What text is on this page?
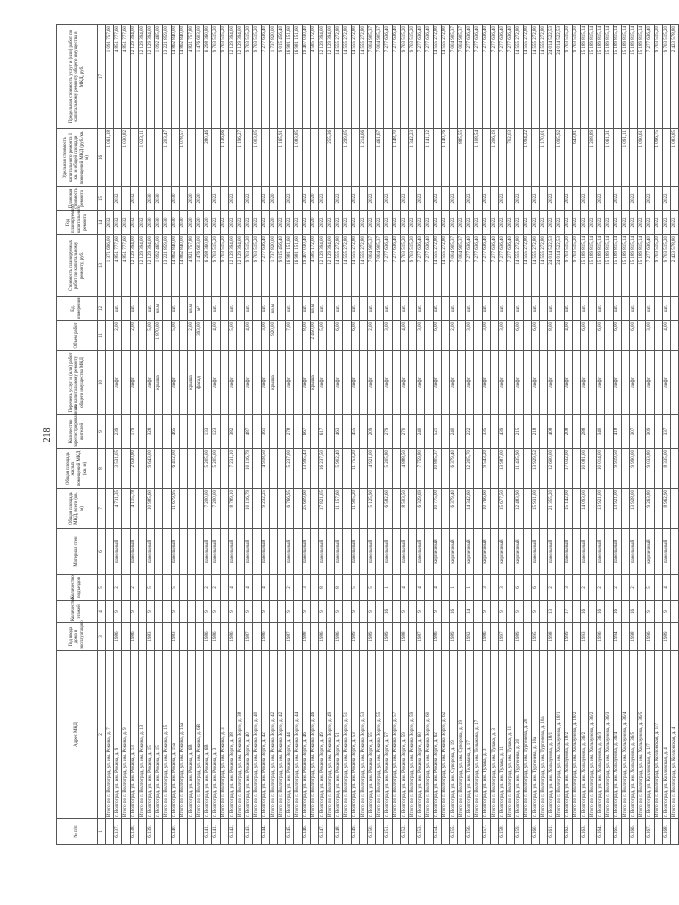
218
№ п/п	Адрес МКД	Год ввода дома в эксплуатацию	Количество этажей	Количество подъездов	Материал стен	Общая площадь МКД, всего (кв. м)	Общая площадь жилых помещений МКД (кв. м)	Количество зарегистрированных жителей	Перечень услуг и (или) работ по капитальному ремонту общего имущества МКД	Объем работ	Ед. измерения	Стоимость планируемых работ по капитальному ремонту, руб.	Год планируемого капитального ремонта	Плановая стоимость ремонта	Удельная стоимость капитального ремонта 1 кв. м общей площади помещений МКД (руб./кв. м)	Предельная стоимость услуг и (или) работ по капитальному ремонту общего имущества в МКД, руб.
1	2	3	4	5	6	7	8	9	10	11	12	13	14	15	16	17
	Итого по г. Волгоград, ул. им. Рокина, д. 7											1 371 696,00	2032		1 061,18	1 091 757,60
6.137.	г. Волгоград, ул. им. Рокина, д. 9	1986	9	2	панельный	4 711,35	3 531,05	239	лифт	2,00	шт.	4 851 777,60	2032	2032		4 851 777,60
	Итого по г. Волгоград, ул. им. Рокина, д. 9											4 851 777,60	2032		1 030,82	4 851 777,60
6.138.	г. Волгоград, ул. им. Рокина, д. 13	1986	9	2	панельный	4 115,78	2 630,80	179	лифт	2,00	шт.	12 129 394,00	2032	2032		12 129 394,00
	Итого по г. Волгоград, ул. им. Рокина, д. 13											12 129 394,00	2032		1 023,11	12 129 394,00
6.139.	г. Волгоград, ул. им. Рокина, д. 15	1983	9	5	панельный	10 985,60	9 643,00	328	лифт	5,00	шт.	12 129 394,00	2030	2030		12 129 394,00
	г. Волгоград, ул. им. Рокина, д. 15								крыша	1 870,00	кв.м	1 092 465,00	2030	2030		1 092 465,00
	Итого по г. Волгоград, ул. им. Рокина, д. 15											13 221 859,00	2030		1 203,47	13 221 859,00
6.140.	г. Волгоград, ул. им. Рокина, д. 15а	1983	9	5	панельный	11 679,95	6 412,00	465	лифт	5,00	шт.	14 862 840,00	2030	2030		14 862 840,00
	Итого по г. Волгоград, ул. им. Рокина, д. 15а											14 862 840,00	2030		1 078,57	14 862 840,00
	г. Волгоград, ул. им. Рокина, д. 6В								крыша	2,00	кв.м	4 821 757,80	2020	2020		4 821 757,80
	Итого по г. Волгоград, ул. им. Рокина, д. 6В								фасад	393,00	м²	1 476 603,00	2020	2020		1 476 603,00
6.141.	г. Волгоград, ул. им. Рокина, д. 6В	1986	9	2	панельный	7 200,00	5 205,00	133				6 298 360,80	2020		280,46	6 298 360,80
6.141.	г. Волгоград, ул. им. Рокина, д. 3	1986	9	2	панельный	7 200,00	5 205,00	123	лифт	4,00	шт.	9 703 515,20	2022	2022		9 703 515,20
	Итого по г. Волгоград, ул. им. Рокина, д. 3											9 703 515,20	2022		1 136,66	9 703 515,20
6.142.	г. Волгоград, ул. им. Рокина Зорге, д. 38	1986	9	4	панельный	8 789,10	7 231,10	382	лифт	5,00	шт.	12 129 394,00	2022	2022		12 129 394,00
	Итого по г. Волгоград, ул. им. Рокина Зорге, д. 38											12 129 394,00	2022		1 196,27	12 129 394,00
6.143.	г. Волгоград, ул. им. Рокина Зорге, д. 40	1987	9	4	панельный	10 116,79	10 116,79	487	лифт	4,00	шт.	9 703 515,20	2022	2022		9 703 515,20
	Итого по г. Волгоград, ул. им. Рокина Зорге, д. 40											9 703 515,20	2022		1 003,05	9 703 515,20
6.144.	г. Волгоград, ул. им. Рокина Зорге, д. 42	1986	9	4	панельный	9 232,25	4 918,50	361	лифт	3,00	шт.	7 277 636,40	2022	2022		7 277 636,40
	Итого по г. Волгоград, ул. им. Рокина Зорге, д. 42								крыша	920,00	кв.м	1 737 820,00	2020	2020		1 737 820,00
	Итого по г. Волгоград, ул. им. Рокина Зорге, д. 42											9 015 456,40	2022		1 165,91	9 015 456,40
6.145.	г. Волгоград, ул. им. Рокина Зорге, д. 44	1987	9	2	панельный	6 766,95	5 237,00	278	лифт	7,00	шт.	16 981 151,60	2022	2022		16 981 151,60
	Итого по г. Волгоград, ул. им. Рокина Зорге, д. 44											16 981 151,60	2022		1 083,85	16 981 151,60
6.146.	г. Волгоград, ул. им. Рокина Зорге, д. 46	1988	9	3	панельный	25 609,60	13 995,43	667	лифт	8,00	шт.	19 407 030,40	2022	2022		19 407 030,40
	Итого по г. Волгоград, ул. им. Рокина Зорге, д. 46								крыша	2 450,00	кв.м	4 585 172,00	2020	2020		4 585 172,00
6.147.	г. Волгоград, ул. им. Рокина Зорге, д. 49	1986	9	8	панельный	17 821,05	16 237,50	617	лифт	5,00	шт.	12 129 394,00	2022	2022		12 129 394,00
	Итого по г. Волгоград, ул. им. Рокина Зорге, д. 49											12 129 394,00	2022		255,36	12 129 394,00
6.148.	г. Волгоград, ул. им. Рокина Зорге, д. 51	1986	9	8	панельный	11 157,60	5 902,40	463	лифт	6,00	шт.	14 555 272,80	2022	2022		14 555 272,80
	Итого по г. Волгоград, ул. им. Рокина Зорге, д. 51											14 555 272,80	2022		1 299,05	14 555 272,80
6.149.	г. Волгоград, ул. им. Рокина Зорге, д. 53	1989	9	5	панельный	11 905,20	11 753,20	455	лифт	6,00	шт.	14 555 272,80	2022	2022		14 555 272,80
	Итого по г. Волгоград, ул. им. Рокина Зорге, д. 53											14 555 272,80	2022		1 214,66	14 555 272,80
6.150.	г. Волгоград, ул. им. Рокина Зорге, д. 55	1989	9	5	панельный	5 125,90	4 921,00	209	лифт	2,00	шт.	7 004 905,37	2022	2022		7 004 905,37
	Итого по г. Волгоград, ул. им. Рокина Зорге, д. 55											7 004 905,37	2022		1 461,67	7 004 905,37
6.151.	г. Волгоград, ул. им. Рокина Зорге, д. 57	1989	16	1	панельный	6 582,60	5 205,80	279	лифт	3,00	шт.	7 277 636,40	2022	2022		7 277 636,40
	Итого по г. Волгоград, ул. им. Рокина Зорге, д. 57											7 277 636,40	2022		1 148,70	7 277 636,40
6.152.	г. Волгоград, ул. им. Рокина Зорге, д. 59	1988	9	4	панельный	8 503,50	4 888,50	270	лифт	4,00	шт.	9 703 515,20	2022	2022		9 703 515,20
	Итого по г. Волгоград, ул. им. Рокина Зорге, д. 59											9 703 515,20	2022		1 342,23	9 703 515,20
6.153.	г. Волгоград, ул. им. Рокина Зорге, д. 60	1987	9	4	панельный	6 329,69	7 759,80	240	лифт	3,00	шт.	7 277 636,40	2022	2022		7 277 636,40
	Итого по г. Волгоград, ул. им. Рокина Зорге, д. 60											7 277 636,40	2022		1 141,12	7 277 636,40
6.154.	г. Волгоград, ул. им. Рокина Зорге, д. 62	1986	9	4	кирпичный	10 775,00	10 805,37	521	лифт	6,00	шт.	14 555 272,80	2022	2022		14 555 272,80
	Итого по г. Волгоград, ул. им. Рокина Зорге, д. 62											14 555 272,80	2022		1 140,76	14 555 272,80
6.155.	г. Волгоград, ул. им. Суворова, д. 19	1989	16	1	кирпичный	6 379,40	6 379,40	240	лифт	2,00	шт.	7 004 905,37	2022	2022		7 004 905,37
	Итого по г. Волгоград, ул. им. Суворова, д. 19											7 004 905,37	2022		885,55	7 004 905,37
6.156.	г. Волгоград, ул. им. Тельмана, д. 17	1992	14	1	кирпичный	14 342,60	12 205,70	222	лифт	3,00	шт.	7 277 636,40	2022	2022		7 277 636,40
	Итого по г. Волгоград, ул. им. Тельмана, д. 17											7 277 636,40	2022		1 108,54	7 277 636,40
6.157.	г. Волгоград, ул. им. Тулака, д. 3	1986	9	3	кирпичный	10 766,60	9 543,20	335	лифт	3,00	шт.	7 277 636,40	2022	2022		7 277 636,40
	Итого по г. Волгоград, ул. им. Тулака, д. 3											7 277 636,40	2022		1 206,19	7 277 636,40
6.158.	г. Волгоград, ул. им. Тулака, д. 11	1997	9	3	кирпичный	15 677,50	13 987,00	439	лифт	3,00	шт.	7 277 636,40	2022	2022		7 277 636,40
	Итого по г. Волгоград, ул. им. Тулака, д. 11											7 277 636,40	2022		702,03	7 277 636,40
6.159.	г. Волгоград, ул. им. Тургенева, д. 20	1989	9	6	кирпичный	12 483,90	11 435,90	215	лифт	6,00	шт.	14 555 272,80	2022	2022		14 555 272,80
	Итого по г. Волгоград, ул. им. Тургенева, д. 20											14 555 272,80	2022		1 094,22	14 555 272,80
6.160.	г. Волгоград, ул. им. Тургенева, д. 10а	1995	9	6	панельный	15 931,00	13 929,52	218	лифт	6,00	шт.	14 555 272,80	2022	2022		14 555 272,80
	Итого по г. Волгоград, ул. им. Тургенева, д. 10а											14 555 272,80	2022		1 170,01	14 555 272,80
6.161.	г. Волгоград, ул. им. Хользунова, д. 18/1	1998	13	2	панельный	21 355,20	12 600,00	408	лифт	8,00	шт.	24 014 522,53	2022	2022		24 014 522,53
	Итого по г. Волгоград, ул. им. Хользунова, д. 18/1											24 014 522,53	2022		1 095,92	24 014 522,53
6.162.	г. Волгоград, ул. им. Хользунова, д. 18/2	1999	17	3	панельный	15 142,00	17 032,00	208	лифт	4,00	шт.	9 703 515,20	2022	2022		9 703 515,20
	Итого по г. Волгоград, ул. им. Хользунова, д. 18/2											9 703 515,20	2022		643,81	9 703 515,20
6.163.	г. Волгоград, ул. им. Хользунова, д. 36/2	1993	16	2	панельный	14 093,00	10 081,00	288	лифт	6,00	шт.	15 189 815,14	2022	2022		15 189 815,14
	Итого по г. Волгоград, ул. им. Хользунова, д. 36/2											15 189 815,14	2022		1 208,89	15 189 815,14
6.164.	г. Волгоград, ул. им. Хользунова, д. 36/3	1996	16	2	панельный	13 921,00	10 014,00	340	лифт	6,00	шт.	15 189 815,14	2022	2022		15 189 815,14
	Итого по г. Волгоград, ул. им. Хользунова, д. 36/3											15 189 815,14	2022		1 061,31	15 189 815,14
6.165.	г. Волгоград, ул. им. Хользунова, д. 36/4	1994	16	2	панельный	13 921,00	9 919,50	418	лифт	6,00	шт.	15 189 815,14	2022	2022		15 189 815,14
	Итого по г. Волгоград, ул. им. Хользунова, д. 36/4											15 189 815,14	2022		1 091,11	15 189 815,14
6.166.	г. Волгоград, ул. им. Хользунова, д. 36/5	1998	16	2	панельный	13 928,00	9 990,00	307	лифт	6,00	шт.	15 189 815,14	2022	2022		15 189 815,14
	Итого по г. Волгоград, ул. им. Хользунова, д. 36/5											15 189 815,14	2022		1 090,61	15 189 815,14
6.167.	г. Волгоград, ул. Козловская, д. 1/7	1996	9	5	кирпичный	9 263,80	9 033,80	309	лифт	3,00	шт.	7 277 636,40	2022	2022		7 277 636,40
	Итого по г. Волгоград, ул. Козловская, д. 1/7											9 703 515,20	2022		1 096,75	9 703 515,20
6.168.	г. Волгоград, ул. Козловская, д. 4	1989	9	4	панельный	8 962,90	8 335,00	337	лифт	4,00	шт.	9 703 515,20	2022	2022		9 703 515,20
	Итого по г. Волгоград, ул. Козловская, д. 4											2 423 578,80	2022		1 083,85	2 423 578,80
